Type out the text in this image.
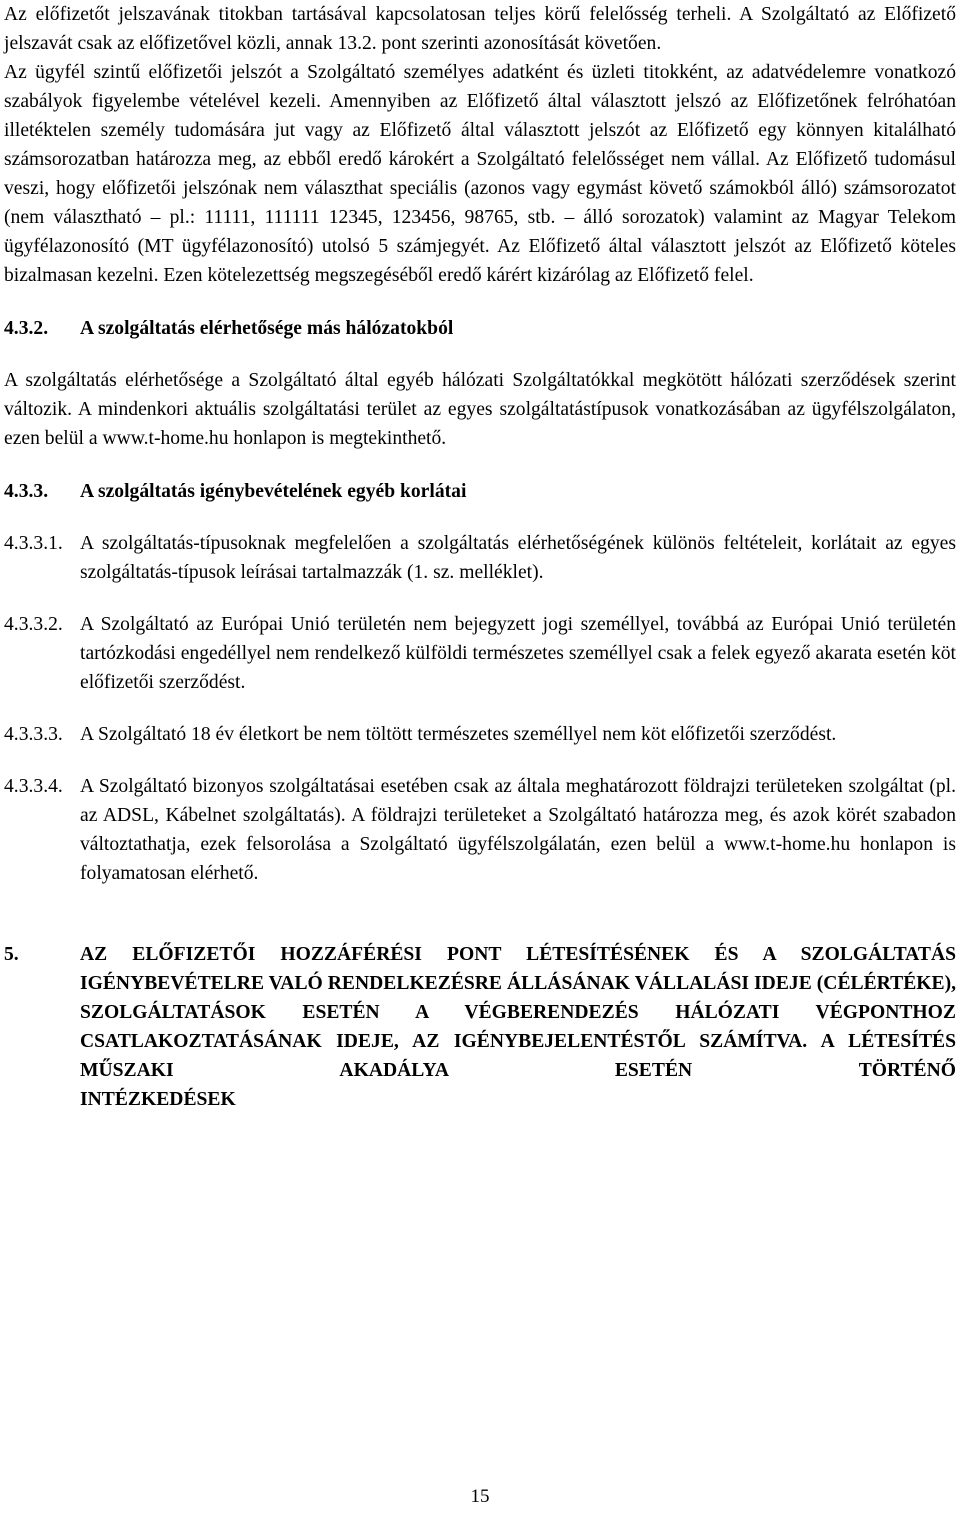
Az előfizetőt jelszavának titokban tartásával kapcsolatosan teljes körű felelősség terheli. A Szolgáltató az Előfizető jelszavát csak az előfizetővel közli, annak 13.2. pont szerinti azonosítását követően.

Az ügyfél szintű előfizetői jelszót a Szolgáltató személyes adatként és üzleti titokként, az adatvédelemre vonatkozó szabályok figyelembe vételével kezeli. Amennyiben az Előfizető által választott jelszó az Előfizetőnek felróhatóan illetéktelen személy tudomására jut vagy az Előfizető által választott jelszót az Előfizető egy könnyen kitalálható számsorozatban határozza meg, az ebből eredő károkért a Szolgáltató felelősséget nem vállal. Az Előfizető tudomásul veszi, hogy előfizetői jelszónak nem választhat speciális (azonos vagy egymást követő számokból álló) számsorozatot (nem választható – pl.: 11111, 111111 12345, 123456, 98765, stb. – álló sorozatok) valamint az Magyar Telekom ügyfélazonosító (MT ügyfélazonosító) utolsó 5 számjegyét. Az Előfizető által választott jelszót az Előfizető köteles bizalmasan kezelni. Ezen kötelezettség megszegéséből eredő kárért kizárólag az Előfizető felel.

4.3.2.	A szolgáltatás elérhetősége más hálózatokból

A szolgáltatás elérhetősége a Szolgáltató által egyéb hálózati Szolgáltatókkal megkötött hálózati szerződések szerint változik. A mindenkori aktuális szolgáltatási terület az egyes szolgáltatástípusok vonatkozásában az ügyfélszolgálaton, ezen belül a www.t-home.hu honlapon is megtekinthető.

4.3.3.	A szolgáltatás igénybevételének egyéb korlátai
4.3.3.1. A szolgáltatás-típusoknak megfelelően a szolgáltatás elérhetőségének különös feltételeit, korlátait az egyes szolgáltatás-típusok leírásai tartalmazzák (1. sz. melléklet).
4.3.3.2. A Szolgáltató az Európai Unió területén nem bejegyzett jogi személlyel, továbbá az Európai Unió területén tartózkodási engedéllyel nem rendelkező külföldi természetes személlyel csak a felek egyező akarata esetén köt előfizetői szerződést.
4.3.3.3. A Szolgáltató 18 év életkort be nem töltött természetes személlyel nem köt előfizetői szerződést.
4.3.3.4. A Szolgáltató bizonyos szolgáltatásai esetében csak az általa meghatározott földrajzi területeken szolgáltat (pl. az ADSL, Kábelnet szolgáltatás). A földrajzi területeket a Szolgáltató határozza meg, és azok körét szabadon változtathatja, ezek felsorolása a Szolgáltató ügyfélszolgálatán, ezen belül a www.t-home.hu honlapon is folyamatosan elérhető.
5.	AZ ELŐFIZETŐI HOZZÁFÉRÉSI PONT LÉTESÍTÉSÉNEK ÉS A SZOLGÁLTATÁS IGÉNYBEVÉTELRE VALÓ RENDELKEZÉSRE ÁLLÁSÁNAK VÁLLALÁSI IDEJE (CÉLÉRTÉKE), SZOLGÁLTATÁSOK ESETÉN A VÉGBERENDEZÉS HÁLÓZATI VÉGPONTHOZ CSATLAKOZTATÁSÁNAK IDEJE, AZ IGÉNYBEJELENTÉSTŐL SZÁMÍTVA. A LÉTESÍTÉS MŰSZAKI AKADÁLYA ESETÉN TÖRTÉNŐ
INTÉZKEDÉSEK
15
